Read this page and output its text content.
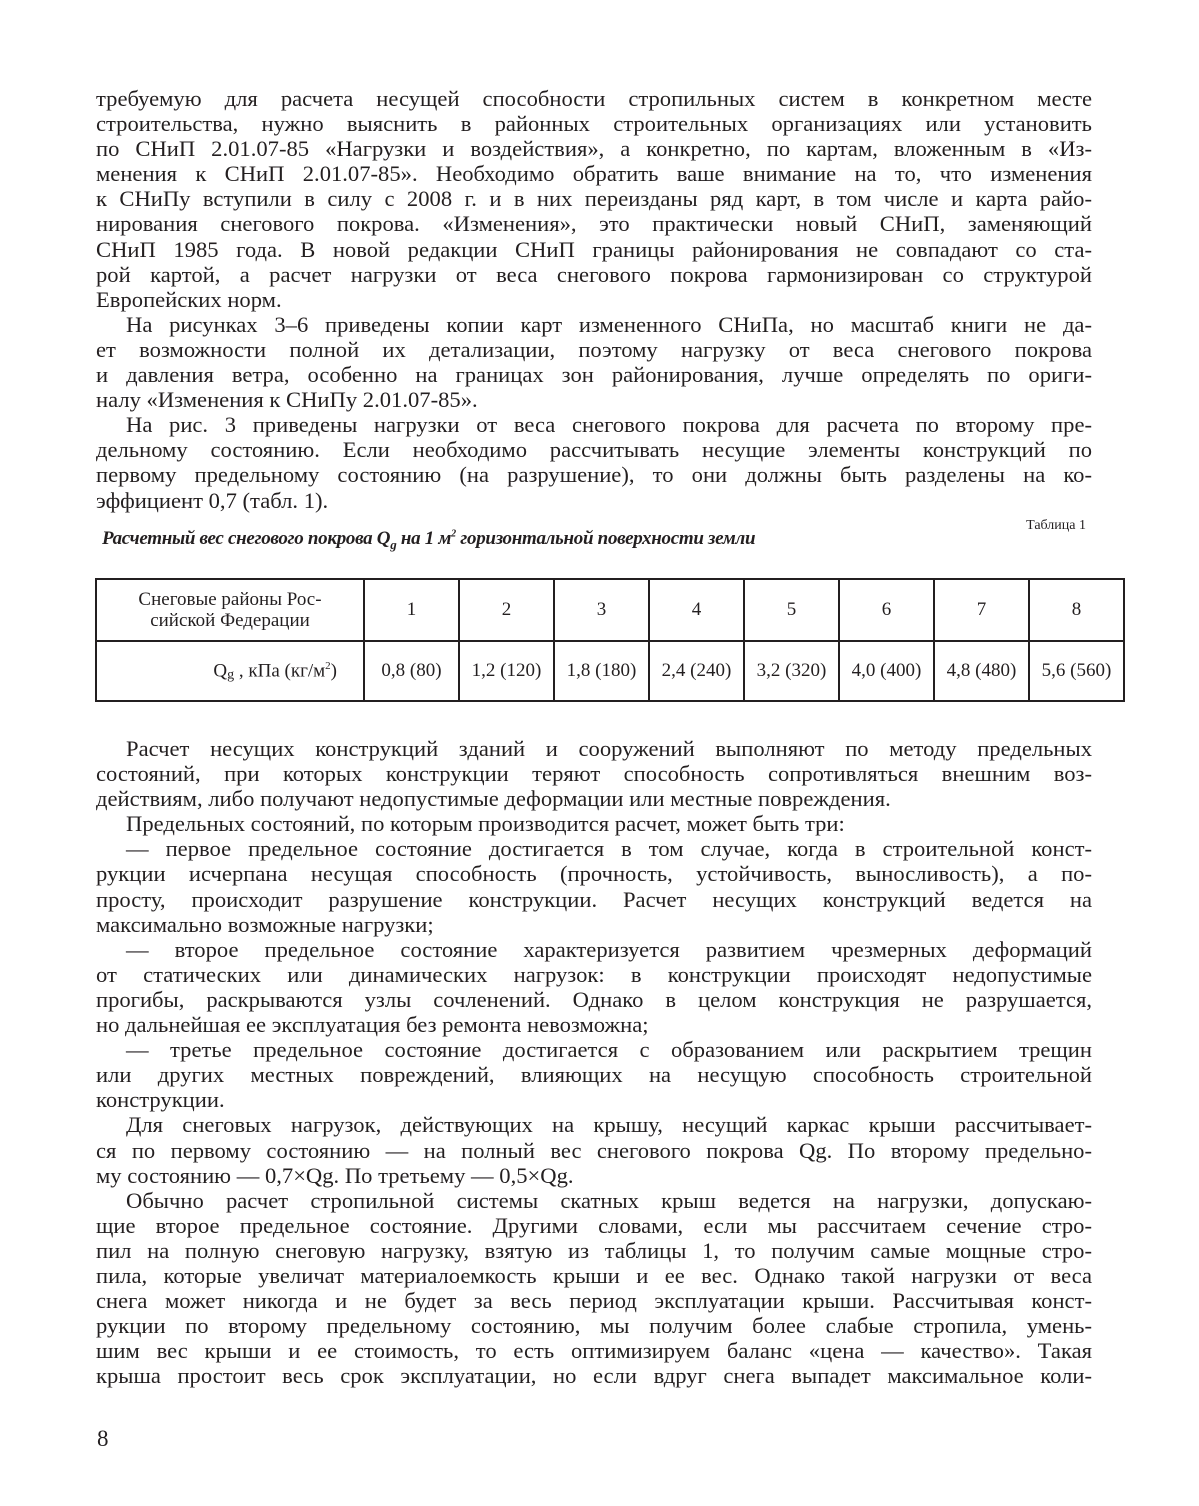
требуемую для расчета несущей способности стропильных систем в конкретном месте
строительства, нужно выяснить в районных строительных организациях или установить
по СНиП 2.01.07-85 «Нагрузки и воздействия», а конкретно, по картам, вложенным в «Из-
менения к СНиП 2.01.07-85». Необходимо обратить ваше внимание на то, что изменения
к СНиПу вступили в силу с 2008 г. и в них переизданы ряд карт, в том числе и карта райо-
нирования снегового покрова. «Изменения», это практически новый СНиП, заменяющий
СНиП 1985 года. В новой редакции СНиП границы районирования не совпадают со ста-
рой картой, а расчет нагрузки от веса снегового покрова гармонизирован со структурой
Европейских норм.

На рисунках 3–6 приведены копии карт измененного СНиПа, но масштаб книги не да-
ет возможности полной их детализации, поэтому нагрузку от веса снегового покрова
и давления ветра, особенно на границах зон районирования, лучше определять по ориги-
налу «Изменения к СНиПу 2.01.07-85».

На рис. 3 приведены нагрузки от веса снегового покрова для расчета по второму пре-
дельному состоянию. Если необходимо рассчитывать несущие элементы конструкций по
первому предельному состоянию (на разрушение), то они должны быть разделены на ко-
эффициент 0,7 (табл. 1).

Расчетный вес снегового покрова $Q_g$ на 1 $м^2$ горизонтальной поверхности земли
Таблица 1
Снеговые районы Рос-
сийской Федерации	1	2	3	4	5	6	7	8
Qg , кПа $(кг/м^2)$	0,8 (80)	1,2 (120)	1,8 (180)	2,4 (240)	3,2 (320)	4,0 (400)	4,8 (480)	5,6 (560)

Расчет несущих конструкций зданий и сооружений выполняют по методу предельных
состояний, при которых конструкции теряют способность сопротивляться внешним воз-
действиям, либо получают недопустимые деформации или местные повреждения.

Предельных состояний, по которым производится расчет, может быть три:

— первое предельное состояние достигается в том случае, когда в строительной конст-
рукции исчерпана несущая способность (прочность, устойчивость, выносливость), а по-
просту, происходит разрушение конструкции. Расчет несущих конструкций ведется на
максимально возможные нагрузки;

— второе предельное состояние характеризуется развитием чрезмерных деформаций
от статических или динамических нагрузок: в конструкции происходят недопустимые
прогибы, раскрываются узлы сочленений. Однако в целом конструкция не разрушается,
но дальнейшая ее эксплуатация без ремонта невозможна;

— третье предельное состояние достигается с образованием или раскрытием трещин
или других местных повреждений, влияющих на несущую способность строительной
конструкции.

Для снеговых нагрузок, действующих на крышу, несущий каркас крыши рассчитывает-
ся по первому состоянию — на полный вес снегового покрова Qg. По второму предельно-
му состоянию — 0,7×Qg. По третьему — 0,5×Qg.

Обычно расчет стропильной системы скатных крыш ведется на нагрузки, допускаю-
щие второе предельное состояние. Другими словами, если мы рассчитаем сечение стро-
пил на полную снеговую нагрузку, взятую из таблицы 1, то получим самые мощные стро-
пила, которые увеличат материалоемкость крыши и ее вес. Однако такой нагрузки от веса
снега может никогда и не будет за весь период эксплуатации крыши. Рассчитывая конст-
рукции по второму предельному состоянию, мы получим более слабые стропила, умень-
шим вес крыши и ее стоимость, то есть оптимизируем баланс «цена — качество». Такая
крыша простоит весь срок эксплуатации, но если вдруг снега выпадет максимальное коли-

8
